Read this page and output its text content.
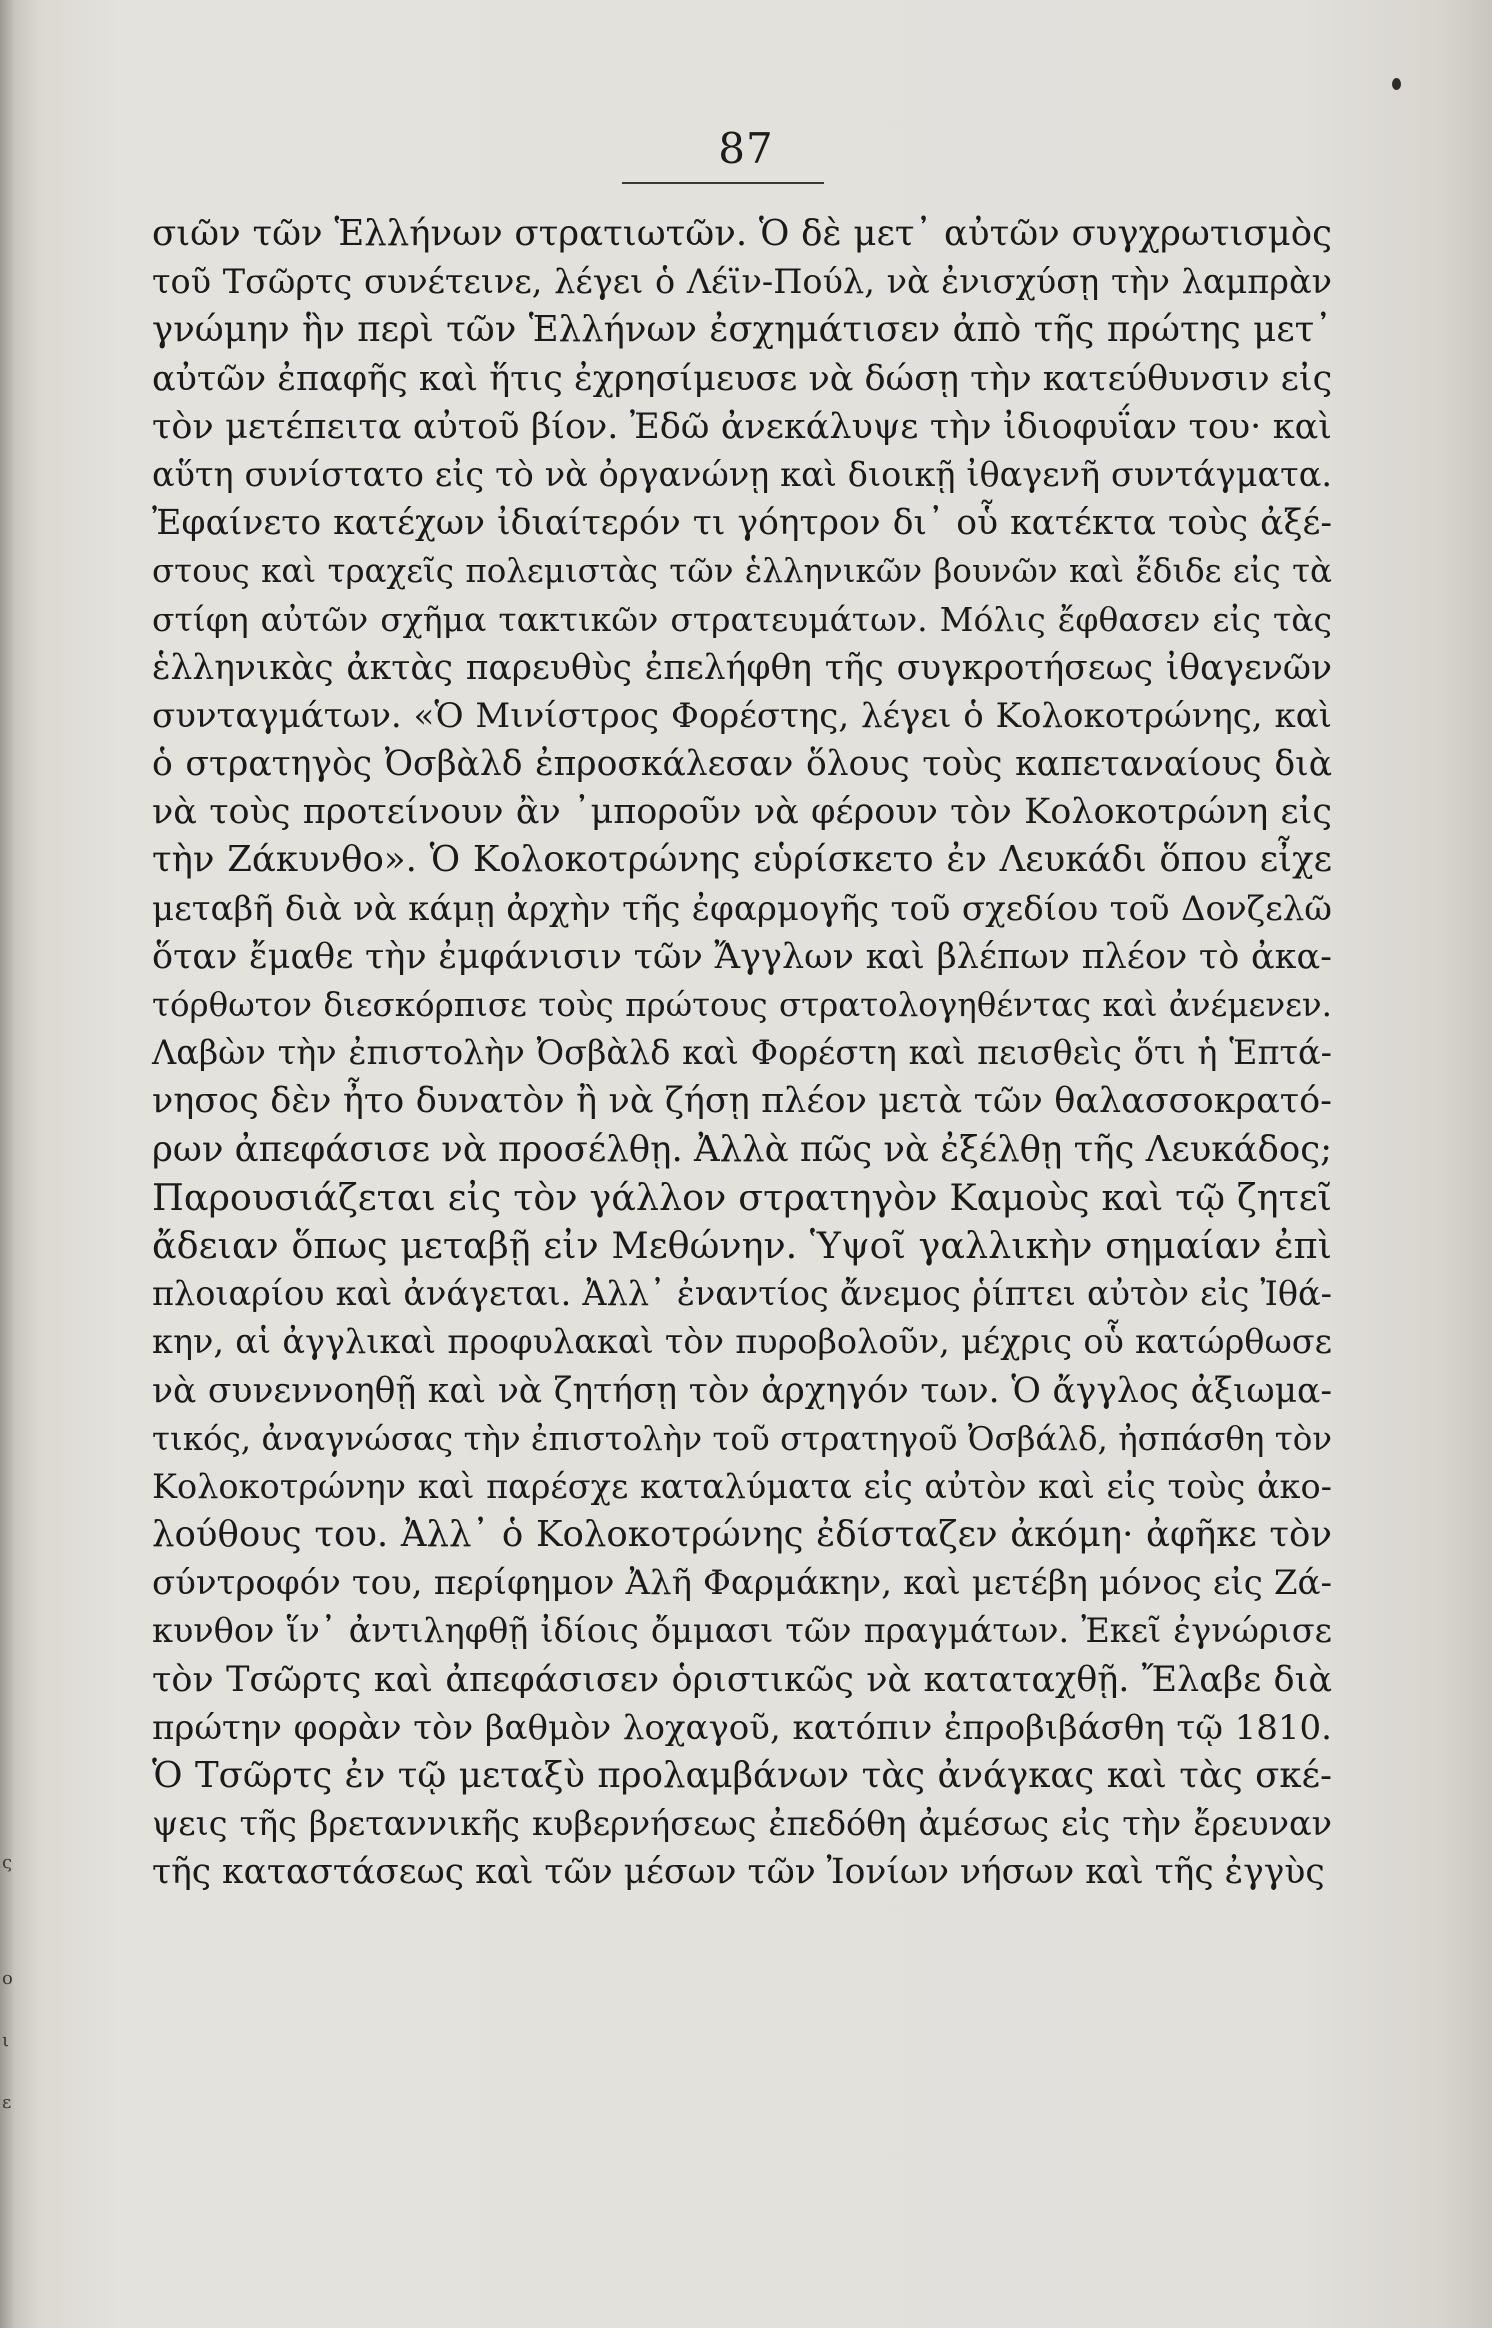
ο
ι
ε
ς
87
σιῶν τῶν Ἑλλήνων στρατιωτῶν. Ὁ δὲ μετ᾽ αὐτῶν συγχρωτισμὸς
τοῦ Τσῶρτς συνέτεινε, λέγει ὁ Λέϊν-Πούλ, νὰ ἐνισχύσῃ τὴν λαμπρὰν
γνώμην ἣν περὶ τῶν Ἑλλήνων ἐσχημάτισεν ἀπὸ τῆς πρώτης μετ᾽
αὐτῶν ἐπαφῆς καὶ ἥτις ἐχρησίμευσε νὰ δώσῃ τὴν κατεύθυνσιν εἰς
τὸν μετέπειτα αὐτοῦ βίον. Ἐδῶ ἀνεκάλυψε τὴν ἰδιοφυΐαν του· καὶ
αὕτη συνίστατο εἰς τὸ νὰ ὀργανώνῃ καὶ διοικῇ ἰθαγενῆ συντάγματα.
Ἐφαίνετο κατέχων ἰδιαίτερόν τι γόητρον δι᾽ οὗ κατέκτα τοὺς ἀξέ-
στους καὶ τραχεῖς πολεμιστὰς τῶν ἑλληνικῶν βουνῶν καὶ ἔδιδε εἰς τὰ
στίφη αὐτῶν σχῆμα τακτικῶν στρατευμάτων. Μόλις ἔφθασεν εἰς τὰς
ἑλληνικὰς ἀκτὰς παρευθὺς ἐπελήφθη τῆς συγκροτήσεως ἰθαγενῶν
συνταγμάτων. «Ὁ Μινίστρος Φορέστης, λέγει ὁ Κολοκοτρώνης, καὶ
ὁ στρατηγὸς Ὀσβὰλδ ἐπροσκάλεσαν ὅλους τοὺς καπεταναίους διὰ
νὰ τοὺς προτείνουν ἂν ᾽μποροῦν νὰ φέρουν τὸν Κολοκοτρώνη εἰς
τὴν Ζάκυνθο». Ὁ Κολοκοτρώνης εὑρίσκετο ἐν Λευκάδι ὅπου εἶχε
μεταβῆ διὰ νὰ κάμῃ ἀρχὴν τῆς ἐφαρμογῆς τοῦ σχεδίου τοῦ Δονζελῶ
ὅταν ἔμαθε τὴν ἐμφάνισιν τῶν Ἄγγλων καὶ βλέπων πλέον τὸ ἀκα-
τόρθωτον διεσκόρπισε τοὺς πρώτους στρατολογηθέντας καὶ ἀνέμενεν.
Λαβὼν τὴν ἐπιστολὴν Ὀσβὰλδ καὶ Φορέστη καὶ πεισθεὶς ὅτι ἡ Ἑπτά-
νησος δὲν ἦτο δυνατὸν ἢ νὰ ζήσῃ πλέον μετὰ τῶν θαλασσοκρατό-
ρων ἀπεφάσισε νὰ προσέλθῃ. Ἀλλὰ πῶς νὰ ἐξέλθῃ τῆς Λευκάδος;
Παρουσιάζεται εἰς τὸν γάλλον στρατηγὸν Καμοὺς καὶ τῷ ζητεῖ
ἄδειαν ὅπως μεταβῇ εἰν Μεθώνην. Ὑψοῖ γαλλικὴν σημαίαν ἐπὶ
πλοιαρίου καὶ ἀνάγεται. Ἀλλ᾽ ἐναντίος ἄνεμος ῥίπτει αὐτὸν εἰς Ἰθά-
κην, αἱ ἀγγλικαὶ προφυλακαὶ τὸν πυροβολοῦν, μέχρις οὗ κατώρθωσε
νὰ συνεννοηθῇ καὶ νὰ ζητήσῃ τὸν ἀρχηγόν των. Ὁ ἄγγλος ἀξιωμα-
τικός, ἀναγνώσας τὴν ἐπιστολὴν τοῦ στρατηγοῦ Ὀσβάλδ, ἠσπάσθη τὸν
Κολοκοτρώνην καὶ παρέσχε καταλύματα εἰς αὐτὸν καὶ εἰς τοὺς ἀκο-
λούθους του. Ἀλλ᾽ ὁ Κολοκοτρώνης ἐδίσταζεν ἀκόμη· ἀφῆκε τὸν
σύντροφόν του, περίφημον Ἀλῆ Φαρμάκην, καὶ μετέβη μόνος εἰς Ζά-
κυνθον ἵν᾽ ἀντιληφθῇ ἰδίοις ὄμμασι τῶν πραγμάτων. Ἐκεῖ ἐγνώρισε
τὸν Τσῶρτς καὶ ἀπεφάσισεν ὁριστικῶς νὰ καταταχθῇ. Ἔλαβε διὰ
πρώτην φορὰν τὸν βαθμὸν λοχαγοῦ, κατόπιν ἐπροβιβάσθη τῷ 1810.
Ὁ Τσῶρτς ἐν τῷ μεταξὺ προλαμβάνων τὰς ἀνάγκας καὶ τὰς σκέ-
ψεις τῆς βρεταννικῆς κυβερνήσεως ἐπεδόθη ἀμέσως εἰς τὴν ἔρευναν
τῆς καταστάσεως καὶ τῶν μέσων τῶν Ἰονίων νήσων καὶ τῆς ἐγγὺς
